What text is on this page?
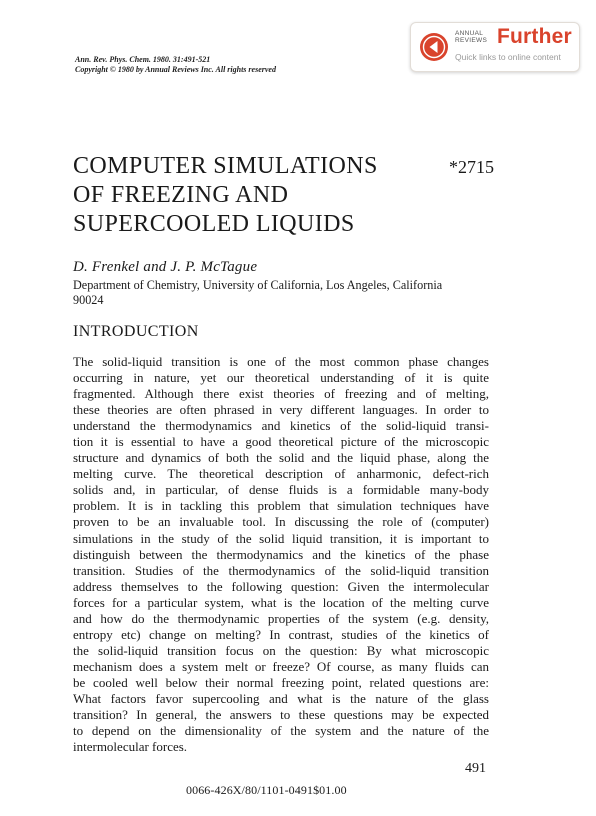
ANNUAL
REVIEWS Further
Quick links to online content
Ann. Rev. Phys. Chem. 1980. 31:491-521
Copyright © 1980 by Annual Reviews Inc. All rights reserved
COMPUTER SIMULATIONS
OF FREEZING AND
SUPERCOOLED LIQUIDS
*2715
D. Frenkel and J. P. McTague
Department of Chemistry, University of California, Los Angeles, California
90024
INTRODUCTION
The solid-liquid transition is one of the most common phase changes
occurring in nature, yet our theoretical understanding of it is quite
fragmented. Although there exist theories of freezing and of melting,
these theories are often phrased in very different languages. In order to
understand the thermodynamics and kinetics of the solid-liquid transi-
tion it is essential to have a good theoretical picture of the microscopic
structure and dynamics of both the solid and the liquid phase, along the
melting curve. The theoretical description of anharmonic, defect-rich
solids and, in particular, of dense fluids is a formidable many-body
problem. It is in tackling this problem that simulation techniques have
proven to be an invaluable tool. In discussing the role of (computer)
simulations in the study of the solid liquid transition, it is important to
distinguish between the thermodynamics and the kinetics of the phase
transition. Studies of the thermodynamics of the solid-liquid transition
address themselves to the following question: Given the intermolecular
forces for a particular system, what is the location of the melting curve
and how do the thermodynamic properties of the system (e.g. density,
entropy etc) change on melting? In contrast, studies of the kinetics of
the solid-liquid transition focus on the question: By what microscopic
mechanism does a system melt or freeze? Of course, as many fluids can
be cooled well below their normal freezing point, related questions are:
What factors favor supercooling and what is the nature of the glass
transition? In general, the answers to these questions may be expected
to depend on the dimensionality of the system and the nature of the
intermolecular forces.
491
0066-426X/80/1101-0491$01.00
